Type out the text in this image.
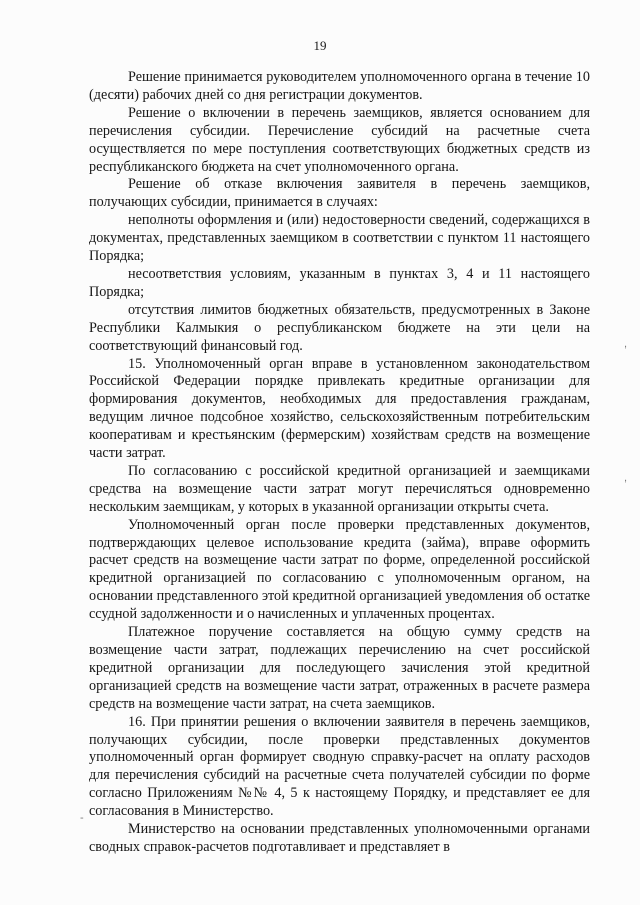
19

Решение принимается руководителем уполномоченного органа в течение 10 (десяти) рабочих дней со дня регистрации документов.

Решение о включении в перечень заемщиков, является основанием для перечисления субсидии. Перечисление субсидий на расчетные счета осуществляется по мере поступления соответствующих бюджетных средств из республиканского бюджета на счет уполномоченного органа.

Решение об отказе включения заявителя в перечень заемщиков, получающих субсидии, принимается в случаях:

неполноты оформления и (или) недостоверности сведений, содержащихся в документах, представленных заемщиком в соответствии с пунктом 11 настоящего Порядка;

несоответствия условиям, указанным в пунктах 3, 4 и 11 настоящего Порядка;

отсутствия лимитов бюджетных обязательств, предусмотренных в Законе Республики Калмыкия о республиканском бюджете на эти цели на соответствующий финансовый год.

15. Уполномоченный орган вправе в установленном законодательством Российской Федерации порядке привлекать кредитные организации для формирования документов, необходимых для предоставления гражданам, ведущим личное подсобное хозяйство, сельскохозяйственным потребительским кооперативам и крестьянским (фермерским) хозяйствам средств на возмещение части затрат.

По согласованию с российской кредитной организацией и заемщиками средства на возмещение части затрат могут перечисляться одновременно нескольким заемщикам, у которых в указанной организации открыты счета.

Уполномоченный орган после проверки представленных документов, подтверждающих целевое использование кредита (займа), вправе оформить расчет средств на возмещение части затрат по форме, определенной российской кредитной организацией по согласованию с уполномоченным органом, на основании представленного этой кредитной организацией уведомления об остатке ссудной задолженности и о начисленных и уплаченных процентах.

Платежное поручение составляется на общую сумму средств на возмещение части затрат, подлежащих перечислению на счет российской кредитной организации для последующего зачисления этой кредитной организацией средств на возмещение части затрат, отраженных в расчете размера средств на возмещение части затрат, на счета заемщиков.

16. При принятии решения о включении заявителя в перечень заемщиков, получающих субсидии, после проверки представленных документов уполномоченный орган формирует сводную справку-расчет на оплату расходов для перечисления субсидий на расчетные счета получателей субсидии по форме согласно Приложениям №№ 4, 5 к настоящему Порядку, и представляет ее для согласования в Министерство.

Министерство на основании представленных уполномоченными органами сводных справок-расчетов подготавливает и представляет в

,
,
-
